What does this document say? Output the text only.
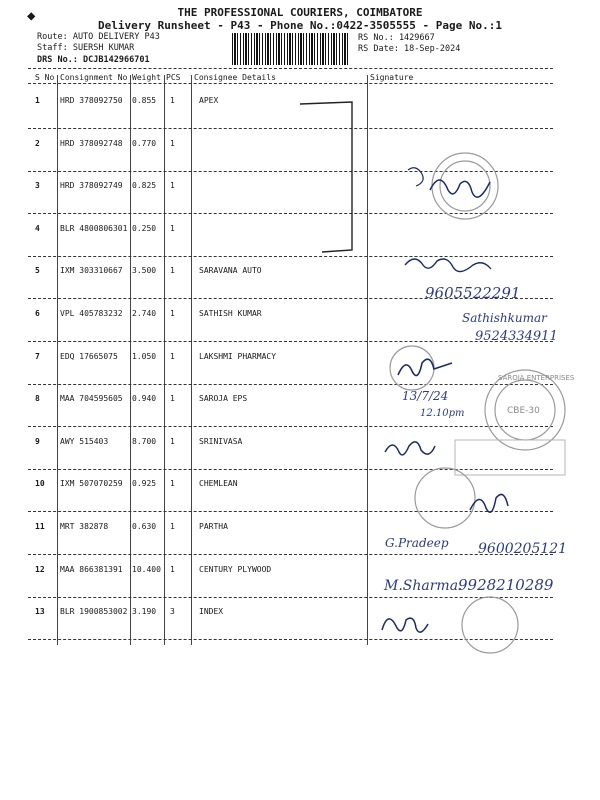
◆	THE PROFESSIONAL COURIERS, COIMBATORE
Delivery Runsheet - P43 - Phone No.:0422-3505555 - Page No.:1
Route: AUTO DELIVERY P43
Staff: SUERSH KUMAR
DRS No.: DCJB142966701
RS No.: 1429667
RS Date: 18-Sep-2024
S No Consignment No Weight PCS Consignee Details	Signature
1	HRD 378092750 0.855 1	APEX
2	HRD 378092748 0.770 1
3	HRD 378092749 0.825 1
4	BLR 4800806301 0.250 1
5	IXM 303310667 3.500 1	SARAVANA AUTO
6	VPL 405783232 2.740 1	SATHISH KUMAR
7	EDQ 17665075 1.050 1	LAKSHMI PHARMACY
8	MAA 704595605 0.940 1	SAROJA EPS
9	AWY 515403	8.700 1	SRINIVASA
10 IXM 507070259 0.925 1	CHEMLEAN
11 MRT 382878	0.630 1	PARTHA
12 MAA 866381391 10.400 1	CENTURY PLYWOOD
13 BLR 1900853002 3.190 3	INDEX
9605522291
Sathishkumar
9524334911
13/7/24
12.10pm	CBE-30
SAROJA ENTERPRISES
G.Pradeep 9600205121
M.Sharma.
9928210289
